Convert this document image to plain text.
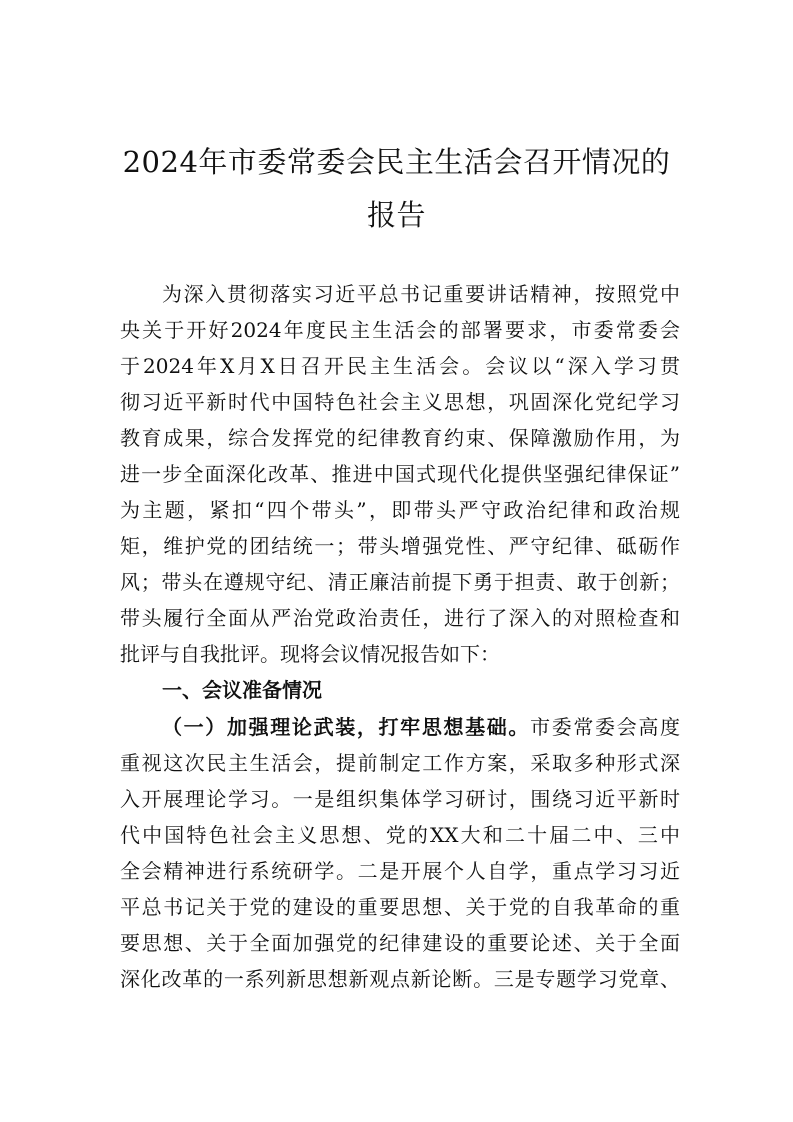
2024年市委常委会民主生活会召开情况的
报告
为深入贯彻落实习近平总书记重要讲话精神，按照党中
央关于开好2024年度民主生活会的部署要求，市委常委会
于2024年X月X日召开民主生活会。会议以“深入学习贯
彻习近平新时代中国特色社会主义思想，巩固深化党纪学习
教育成果，综合发挥党的纪律教育约束、保障激励作用，为
进一步全面深化改革、推进中国式现代化提供坚强纪律保证”
为主题，紧扣“四个带头”，即带头严守政治纪律和政治规
矩，维护党的团结统一；带头增强党性、严守纪律、砥砺作
风；带头在遵规守纪、清正廉洁前提下勇于担责、敢于创新；
带头履行全面从严治党政治责任，进行了深入的对照检查和
批评与自我批评。现将会议情况报告如下：
一、会议准备情况
（一）加强理论武装，打牢思想基础。市委常委会高度
重视这次民主生活会，提前制定工作方案，采取多种形式深
入开展理论学习。一是组织集体学习研讨，围绕习近平新时
代中国特色社会主义思想、党的XX大和二十届二中、三中
全会精神进行系统研学。二是开展个人自学，重点学习习近
平总书记关于党的建设的重要思想、关于党的自我革命的重
要思想、关于全面加强党的纪律建设的重要论述、关于全面
深化改革的一系列新思想新观点新论断。三是专题学习党章、
